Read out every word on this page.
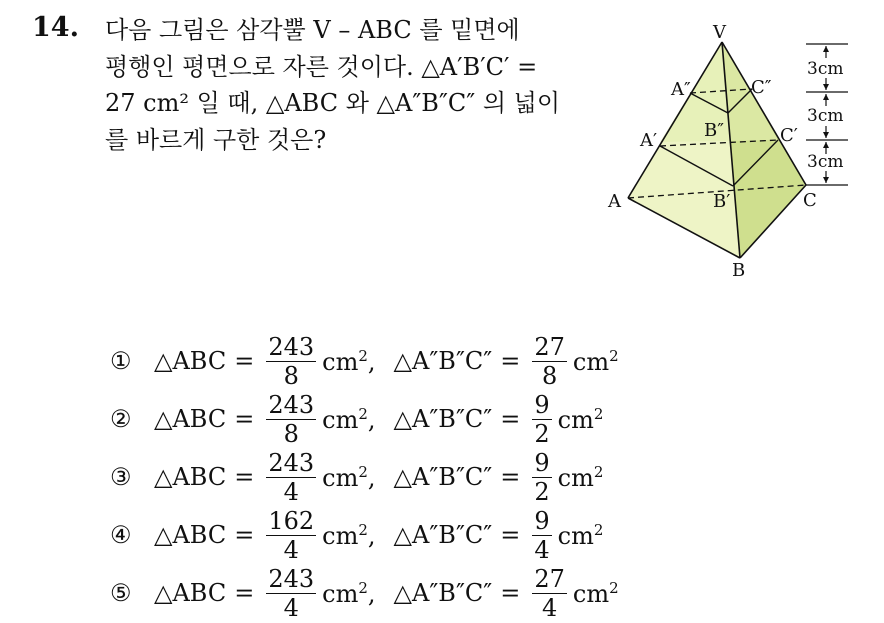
14. 다음 그림은 삼각뿔 V – ABC 를 밑면에
평행인 평면으로 자른 것이다. △A′B′C′ =
27 cm² 일 때, △ABC 와 △A″B″C″ 의 넓이
를 바르게 구한 것은?
V
A″	C″
B″
A′	C′
B′
A	C
B
3cm
3cm
3cm
① △ABC = $\frac{243}{8} cm^2$, △A″B″C″ = $\frac{27}{8} cm^2$
② △ABC = $\frac{243}{8} cm^2$, △A″B″C″ = $\frac{9}{2} cm^2$
③ △ABC = $\frac{243}{4} cm^2$, △A″B″C″ = $\frac{9}{2} cm^2$
④ △ABC = $\frac{162}{4} cm^2$, △A″B″C″ = $\frac{9}{4} cm^2$
⑤ △ABC = $\frac{243}{4} cm^2$, △A″B″C″ = $\frac{27}{4} cm^2$
